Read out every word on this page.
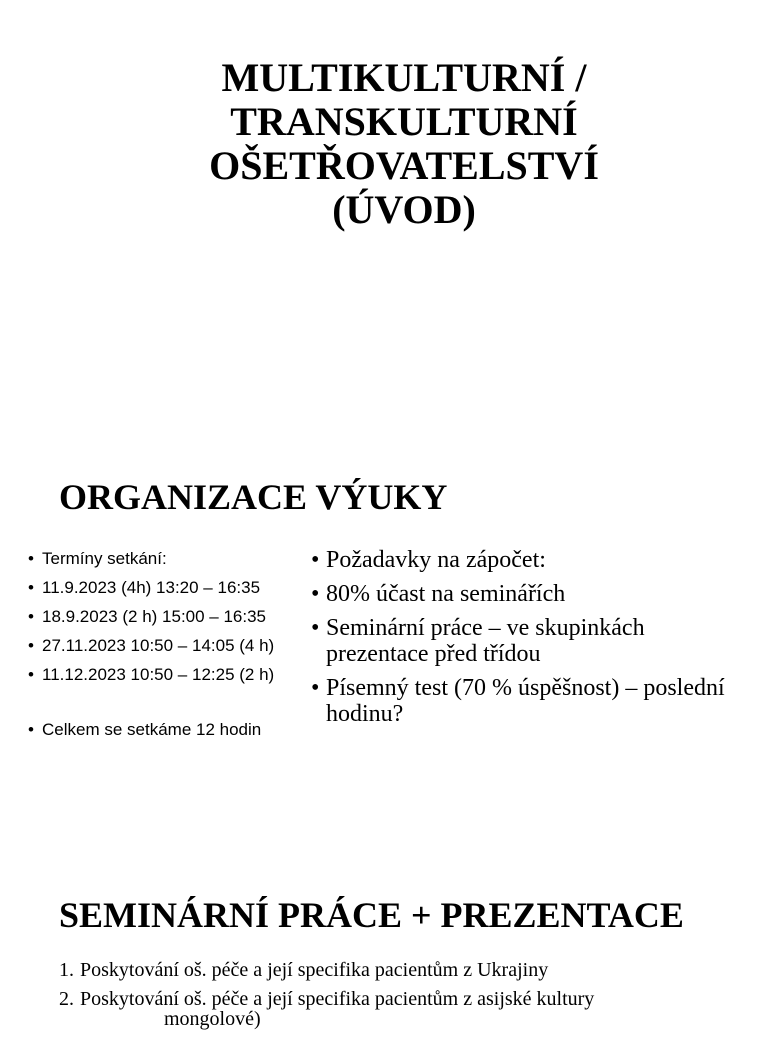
MULTIKULTURNÍ /
TRANSKULTURNÍ
OŠETŘOVATELSTVÍ
(ÚVOD)
ORGANIZACE VÝUKY
• Termíny setkání:
• 11.9.2023 (4h) 13:20 – 16:35
• 18.9.2023 (2 h) 15:00 – 16:35
• 27.11.2023 10:50 – 14:05 (4 h)
• 11.12.2023 10:50 – 12:25 (2 h)
• Celkem se setkáme 12 hodin
• Požadavky na zápočet:
• 80% účast na seminářích
• Seminární práce – ve skupinkách prezentace před třídou
• Písemný test (70 % úspěšnost) – poslední hodinu?
SEMINÁRNÍ PRÁCE + PREZENTACE
1. Poskytování oš. péče a její specifika pacientům z Ukrajiny
2. Poskytování oš. péče a její specifika pacientům z asijské kultury
mongolové)
